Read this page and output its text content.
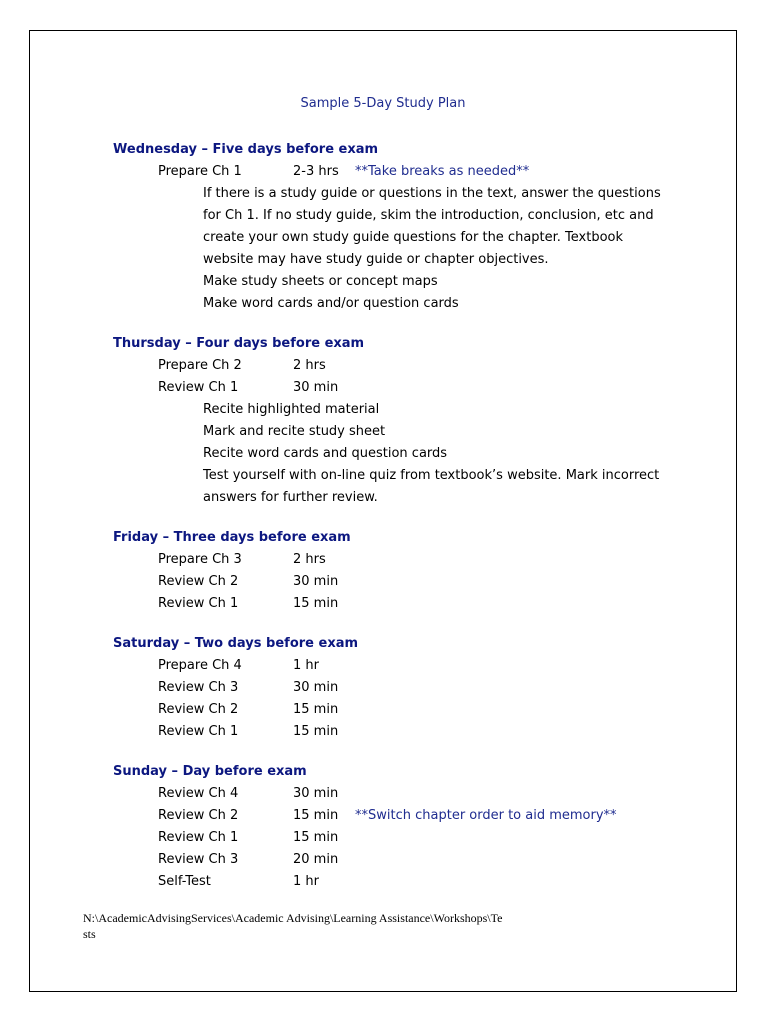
Sample 5-Day Study Plan
Wednesday – Five days before exam
Prepare Ch 1	2-3 hrs **Take breaks as needed**
If there is a study guide or questions in the text, answer the questions for Ch 1. If no study guide, skim the introduction, conclusion, etc and create your own study guide questions for the chapter. Textbook website may have study guide or chapter objectives.
Make study sheets or concept maps
Make word cards and/or question cards
Thursday – Four days before exam
Prepare Ch 2	2 hrs
Review Ch 1	30 min
Recite highlighted material
Mark and recite study sheet
Recite word cards and question cards
Test yourself with on-line quiz from textbook’s website. Mark incorrect answers for further review.
Friday – Three days before exam
Prepare Ch 3	2 hrs
Review Ch 2	30 min
Review Ch 1	15 min
Saturday – Two days before exam
Prepare Ch 4	1 hr
Review Ch 3	30 min
Review Ch 2	15 min
Review Ch 1	15 min
Sunday – Day before exam
Review Ch 4	30 min
Review Ch 2	15 min **Switch chapter order to aid memory**
Review Ch 1	15 min
Review Ch 3	20 min
Self-Test	1 hr
N:\AcademicAdvisingServices\Academic Advising\Learning Assistance\Workshops\Tests
